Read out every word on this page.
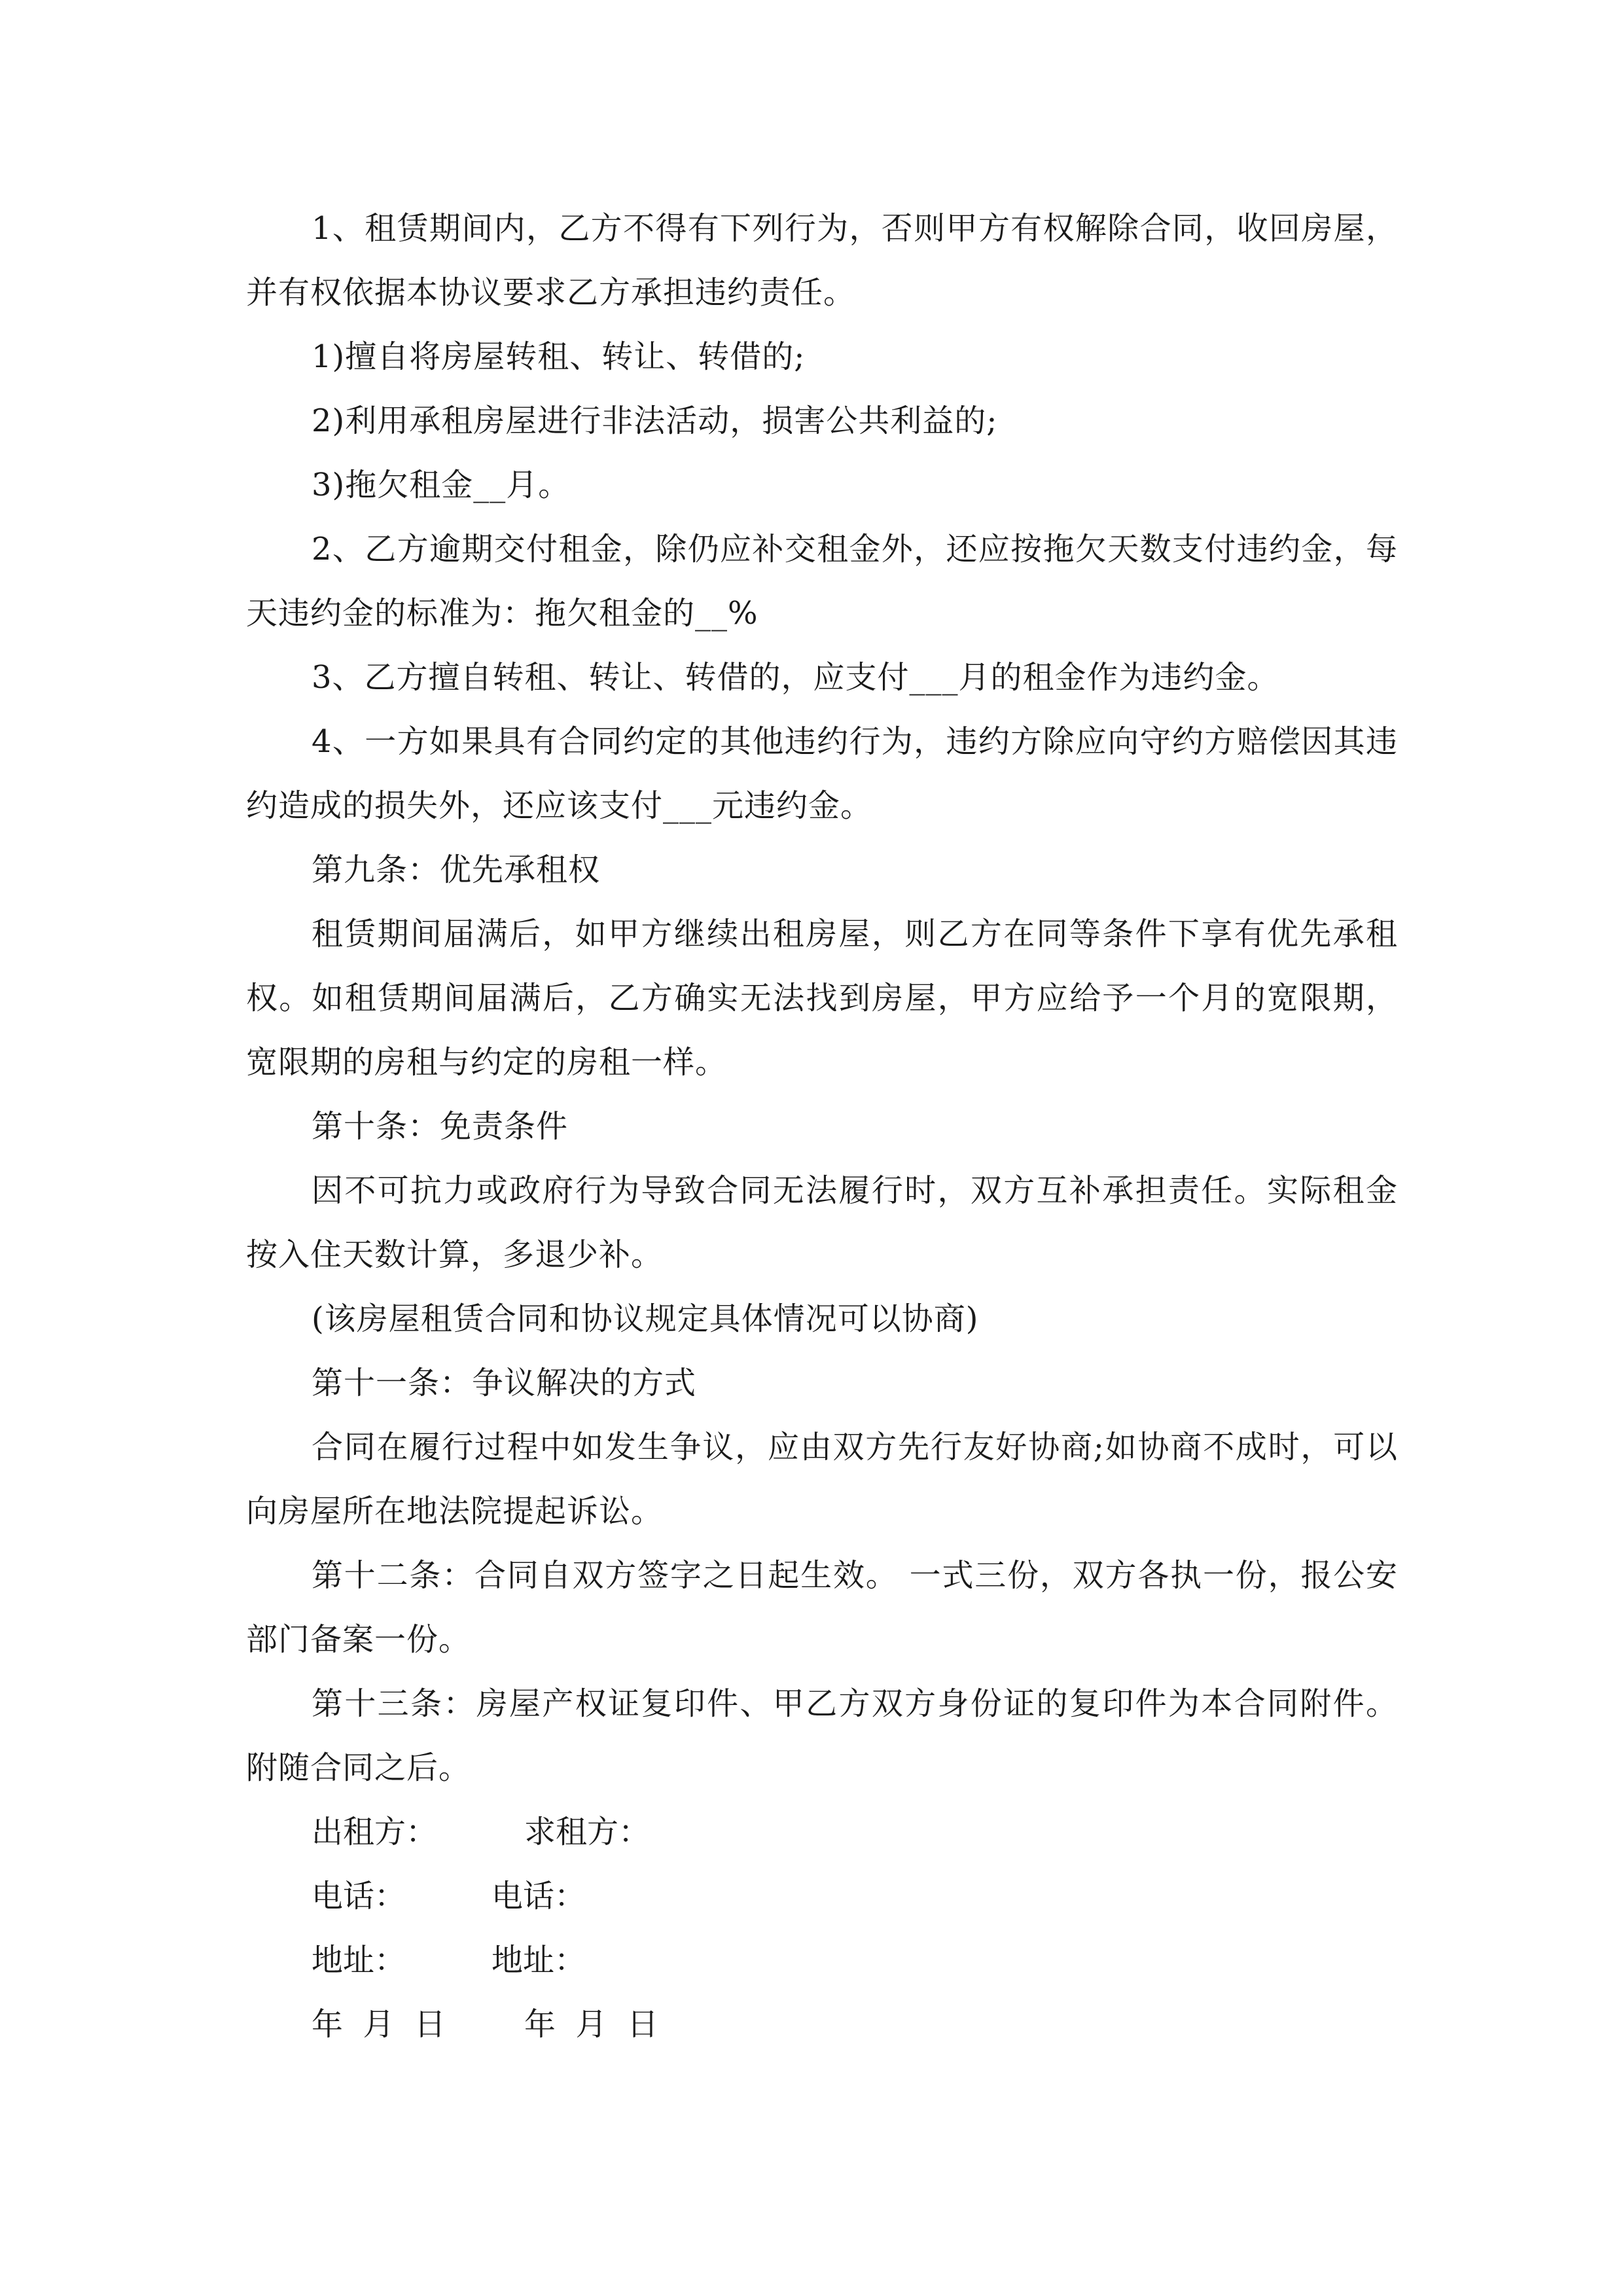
1、租赁期间内，乙方不得有下列行为，否则甲方有权解除合同，收回房屋，并有权依据本协议要求乙方承担违约责任。

1)擅自将房屋转租、转让、转借的;

2)利用承租房屋进行非法活动，损害公共利益的;

3)拖欠租金__月。

2、乙方逾期交付租金，除仍应补交租金外，还应按拖欠天数支付违约金，每天违约金的标准为：拖欠租金的__%

3、乙方擅自转租、转让、转借的，应支付___月的租金作为违约金。

4、一方如果具有合同约定的其他违约行为，违约方除应向守约方赔偿因其违约造成的损失外，还应该支付___元违约金。

第九条：优先承租权

租赁期间届满后，如甲方继续出租房屋，则乙方在同等条件下享有优先承租权。如租赁期间届满后，乙方确实无法找到房屋，甲方应给予一个月的宽限期，宽限期的房租与约定的房租一样。

第十条：免责条件

因不可抗力或政府行为导致合同无法履行时，双方互补承担责任。实际租金按入住天数计算，多退少补。

(该房屋租赁合同和协议规定具体情况可以协商)

第十一条：争议解决的方式

合同在履行过程中如发生争议，应由双方先行友好协商;如协商不成时，可以向房屋所在地法院提起诉讼。

第十二条：合同自双方签字之日起生效。 一式三份，双方各执一份，报公安部门备案一份。

第十三条：房屋产权证复印件、甲乙方双方身份证的复印件为本合同附件。附随合同之后。

出租方：	求租方：
电话：	电话：
地址：	地址：
年  月  日 年  月  日
